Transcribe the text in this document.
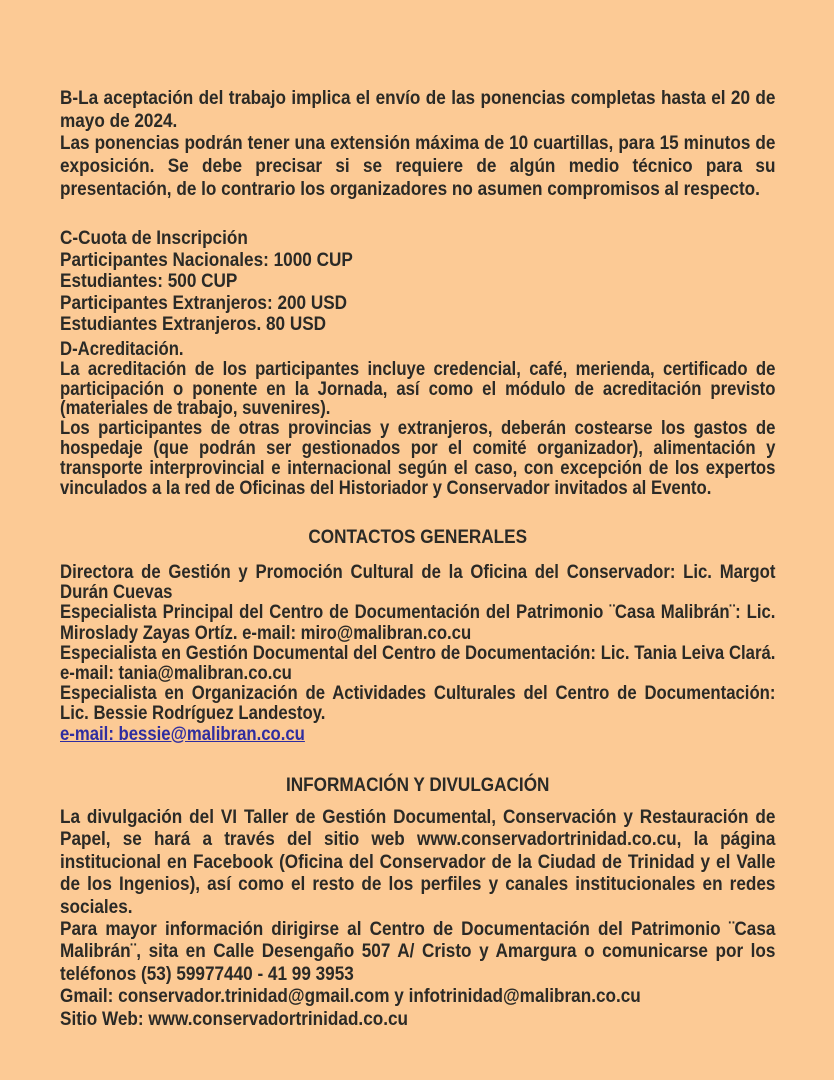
B-La aceptación del trabajo implica el envío de las ponencias completas hasta el 20 de mayo de 2024.

Las ponencias podrán tener una extensión máxima de 10 cuartillas, para 15 minutos de exposición. Se debe precisar si se requiere de algún medio técnico para su presentación, de lo contrario los organizadores no asumen compromisos al respecto.

C-Cuota de Inscripción

Participantes Nacionales: 1000 CUP

Estudiantes: 500 CUP

Participantes Extranjeros: 200 USD

Estudiantes Extranjeros. 80 USD

D-Acreditación.

La acreditación de los participantes incluye credencial, café, merienda, certificado de participación o ponente en la Jornada, así como el módulo de acreditación previsto (materiales de trabajo, suvenires).

Los participantes de otras provincias y extranjeros, deberán costearse los gastos de hospedaje (que podrán ser gestionados por el comité organizador), alimentación y transporte interprovincial e internacional según el caso, con excepción de los expertos vinculados a la red de Oficinas del Historiador y Conservador invitados al Evento.

CONTACTOS GENERALES

Directora de Gestión y Promoción Cultural de la Oficina del Conservador: Lic. Margot Durán Cuevas

Especialista Principal del Centro de Documentación del Patrimonio ¨Casa Malibrán¨: Lic. Miroslady Zayas Ortíz. e-mail: miro@malibran.co.cu

Especialista en Gestión Documental del Centro de Documentación: Lic. Tania Leiva Clará. e-mail: tania@malibran.co.cu

Especialista en Organización de Actividades Culturales del Centro de Documentación: Lic. Bessie Rodríguez Landestoy.

e-mail: bessie@malibran.co.cu

INFORMACIÓN Y DIVULGACIÓN

La divulgación del VI Taller de Gestión Documental, Conservación y Restauración de Papel, se hará a través del sitio web www.conservadortrinidad.co.cu, la página institucional en Facebook (Oficina del Conservador de la Ciudad de Trinidad y el Valle de los Ingenios), así como el resto de los perfiles y canales institucionales en redes sociales.

Para mayor información dirigirse al Centro de Documentación del Patrimonio ¨Casa Malibrán¨, sita en Calle Desengaño 507 A/ Cristo y Amargura o comunicarse por los teléfonos (53) 59977440 - 41 99 3953

Gmail: conservador.trinidad@gmail.com y infotrinidad@malibran.co.cu

Sitio Web: www.conservadortrinidad.co.cu
